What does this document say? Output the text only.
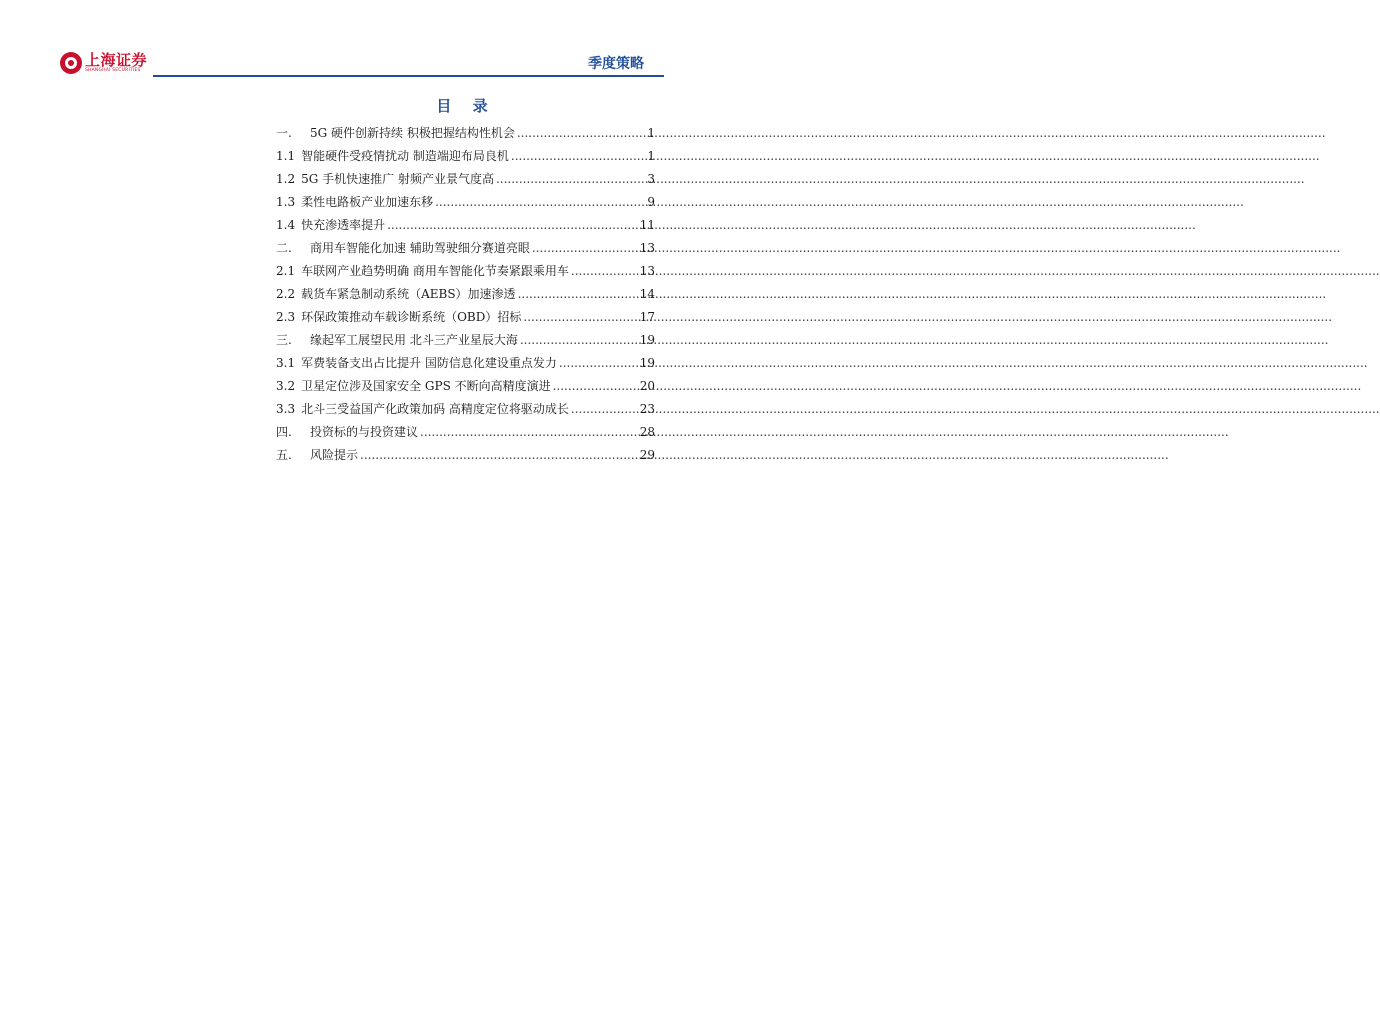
上海证券
SHANGHAI SECURITIES	季度策略
目 录
一.	5G 硬件创新持续 积极把握结构性机会 .....	1
1.1 智能硬件受疫情扰动 制造端迎布局良机 .....	1
1.2 5G 手机快速推广 射频产业景气度高 .....	3
1.3 柔性电路板产业加速东移 .....	9
1.4 快充渗透率提升 .....	11
二.	商用车智能化加速 辅助驾驶细分赛道亮眼 .....	13
2.1 车联网产业趋势明确 商用车智能化节奏紧跟乘用车 .....	13
2.2 载货车紧急制动系统（AEBS）加速渗透 .....	14
2.3 环保政策推动车载诊断系统（OBD）招标 .....	17
三.	缘起军工展望民用 北斗三产业星辰大海 .....	19
3.1 军费装备支出占比提升 国防信息化建设重点发力 .....	19
3.2 卫星定位涉及国家安全 GPS 不断向高精度演进 .....	20
3.3 北斗三受益国产化政策加码 高精度定位将驱动成长 .....	23
四.	投资标的与投资建议 .....	28
五.	风险提示 .....	29
